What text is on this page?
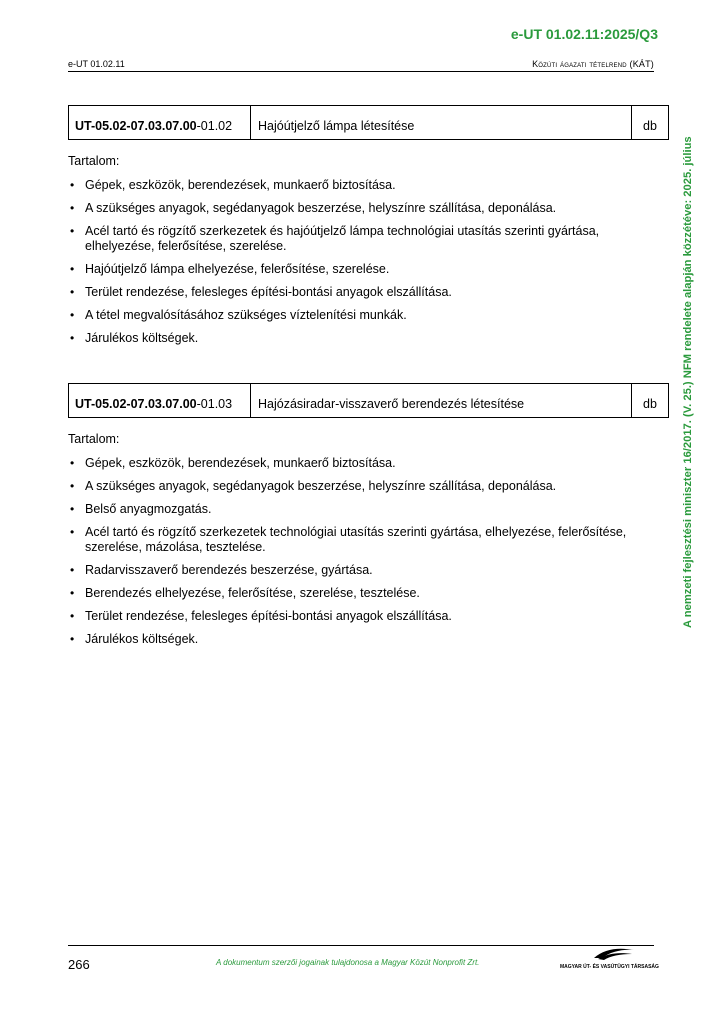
e-UT 01.02.11:2025/Q3
e-UT 01.02.11	Közúti ágazati tételrend (KÁT)
A nemzeti fejlesztési miniszter 16/2017. (V. 25.) NFM rendelete alapján közzétéve: 2025. július
UT-05.02-07.03.07.00-01.02	Hajóútjelző lámpa létesítése	db
Tartalom:
• Gépek, eszközök, berendezések, munkaerő biztosítása.
• A szükséges anyagok, segédanyagok beszerzése, helyszínre szállítása, deponálása.
• Acél tartó és rögzítő szerkezetek és hajóútjelző lámpa technológiai utasítás szerinti gyártása, elhelyezése, felerősítése, szerelése.
• Hajóútjelző lámpa elhelyezése, felerősítése, szerelése.
• Terület rendezése, felesleges építési-bontási anyagok elszállítása.
• A tétel megvalósításához szükséges víztelenítési munkák.
• Járulékos költségek.
UT-05.02-07.03.07.00-01.03	Hajózásiradar-visszaverő berendezés létesítése	db
Tartalom:
• Gépek, eszközök, berendezések, munkaerő biztosítása.
• A szükséges anyagok, segédanyagok beszerzése, helyszínre szállítása, deponálása.
• Belső anyagmozgatás.
• Acél tartó és rögzítő szerkezetek technológiai utasítás szerinti gyártása, elhelyezése, felerősítése, szerelése, mázolása, tesztelése.
• Radarvisszaverő berendezés beszerzése, gyártása.
• Berendezés elhelyezése, felerősítése, szerelése, tesztelése.
• Terület rendezése, felesleges építési-bontási anyagok elszállítása.
• Járulékos költségek.
266	A dokumentum szerzői jogainak tulajdonosa a Magyar Közút Nonprofit Zrt.	MAGYAR ÚT- ÉS VASÚTÜGYI TÁRSASÁG
